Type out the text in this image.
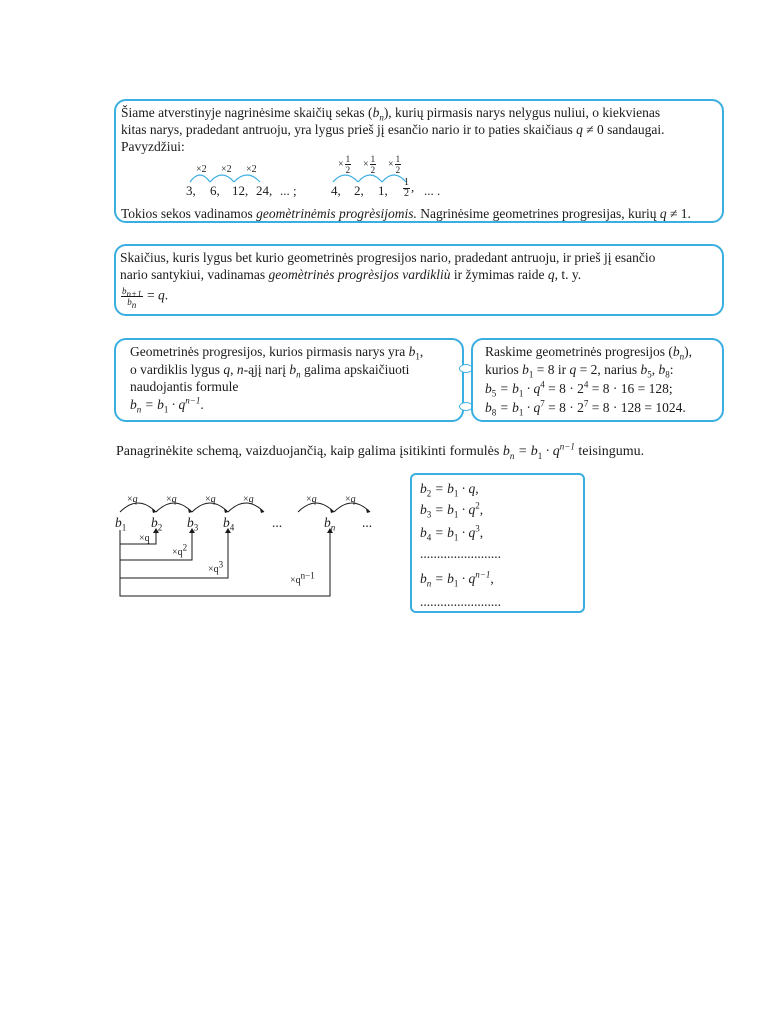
Šiame atverstinyje nagrinėsime skaičių sekas $(b_n)$, kurių pirmasis narys nelygus nuliui, o kiekvienas
kitas narys, pradedant antruoju, yra lygus prieš jį esančio nario ir to paties skaičiaus q ≠ 0 sandaugai.
Pavyzdžiui:
×2 ×2 ×2
3, 6, 12, 24, ... ;
× $\frac{1}{2} \times \frac{1}{2} \times \frac{1}{2}$
4, 2, 1, $\frac{1}{2}$ , ... .
Tokios sekos vadinamos geomètrinėmis progrèsijomis. Nagrinėsime geometrines progresijas, kurių q ≠ 1.
Skaičius, kuris lygus bet kurio geometrinės progresijos nario, pradedant antruoju, ir prieš jį esančio
nario santykiui, vadinamas geomètrinės progrèsijos vardikliù ir žymimas raide q, t. y.
$\frac{b_{n+1}}{b_n} = q$.
Geometrinės progresijos, kurios pirmasis narys yra $b_1$,
o vardiklis lygus q, n-ąjį narį $b_n$ galima apskaičiuoti
naudojantis formule
$b_n = b_1 \cdot q^{n-1}$.
Raskime geometrinės progresijos $(b_n)$,
kurios $b_1 = 8$ ir q = 2, narius $b_5$, $b_8$:
$b_5 = b_1 \cdot q^4 = 8 \cdot 2^4 = 8 \cdot 16 = 128$;
$b_8 = b_1 \cdot q^7 = 8 \cdot 2^7 = 8 \cdot 128 = 1024$.
Panagrinėkite schemą, vaizduojančią, kaip galima įsitikinti formulės $b_n = b_1 \cdot q^{n-1}$ teisingumu.
×q	×q	×q	×q	×q	×q
$b_1$ $b_2$ $b_3$ $b_4$	...	$b_n$ ...
×q
$\times q^2$
$\times q^3$
$\times q^{n-1}$
$b_2 = b_1 \cdot q$,
$b_3 = b_1 \cdot q^2$,
$b_4 = b_1 \cdot q^3$,
........................
$b_n = b_1 \cdot q^{n-1}$,
........................
